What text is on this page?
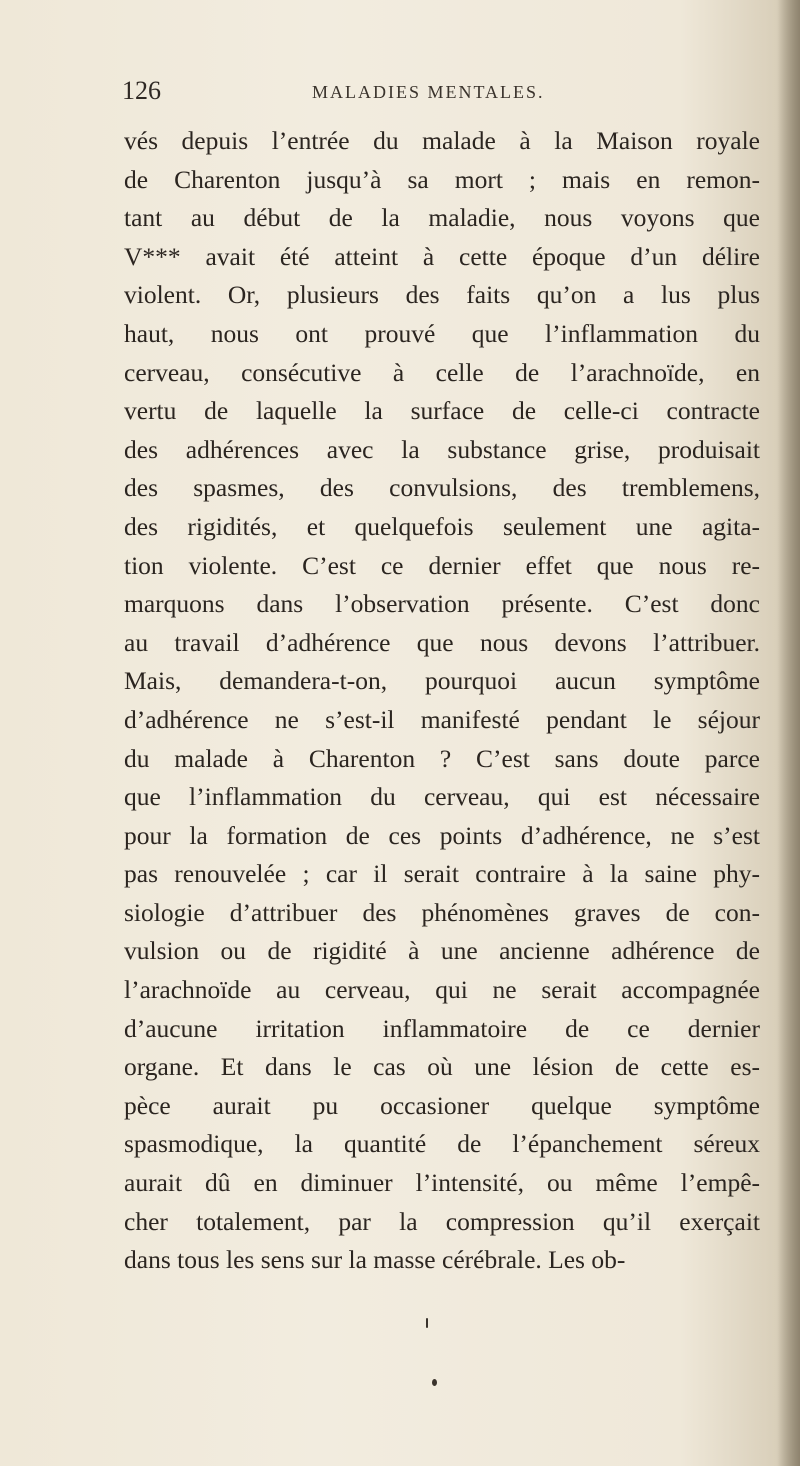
126	MALADIES MENTALES.
vés depuis l’entrée du malade à la Maison royale
de Charenton jusqu’à sa mort ; mais en remon-
tant au début de la maladie, nous voyons que
V*** avait été atteint à cette époque d’un délire
violent. Or, plusieurs des faits qu’on a lus plus
haut, nous ont prouvé que l’inflammation du
cerveau, consécutive à celle de l’arachnoïde, en
vertu de laquelle la surface de celle-ci contracte
des adhérences avec la substance grise, produisait
des spasmes, des convulsions, des tremblemens,
des rigidités, et quelquefois seulement une agita-
tion violente. C’est ce dernier effet que nous re-
marquons dans l’observation présente. C’est donc
au travail d’adhérence que nous devons l’attribuer.
Mais, demandera-t-on, pourquoi aucun symptôme
d’adhérence ne s’est-il manifesté pendant le séjour
du malade à Charenton ? C’est sans doute parce
que l’inflammation du cerveau, qui est nécessaire
pour la formation de ces points d’adhérence, ne s’est
pas renouvelée ; car il serait contraire à la saine phy-
siologie d’attribuer des phénomènes graves de con-
vulsion ou de rigidité à une ancienne adhérence de
l’arachnoïde au cerveau, qui ne serait accompagnée
d’aucune irritation inflammatoire de ce dernier
organe. Et dans le cas où une lésion de cette es-
pèce aurait pu occasioner quelque symptôme
spasmodique, la quantité de l’épanchement séreux
aurait dû en diminuer l’intensité, ou même l’empê-
cher totalement, par la compression qu’il exerçait
dans tous les sens sur la masse cérébrale. Les ob-
